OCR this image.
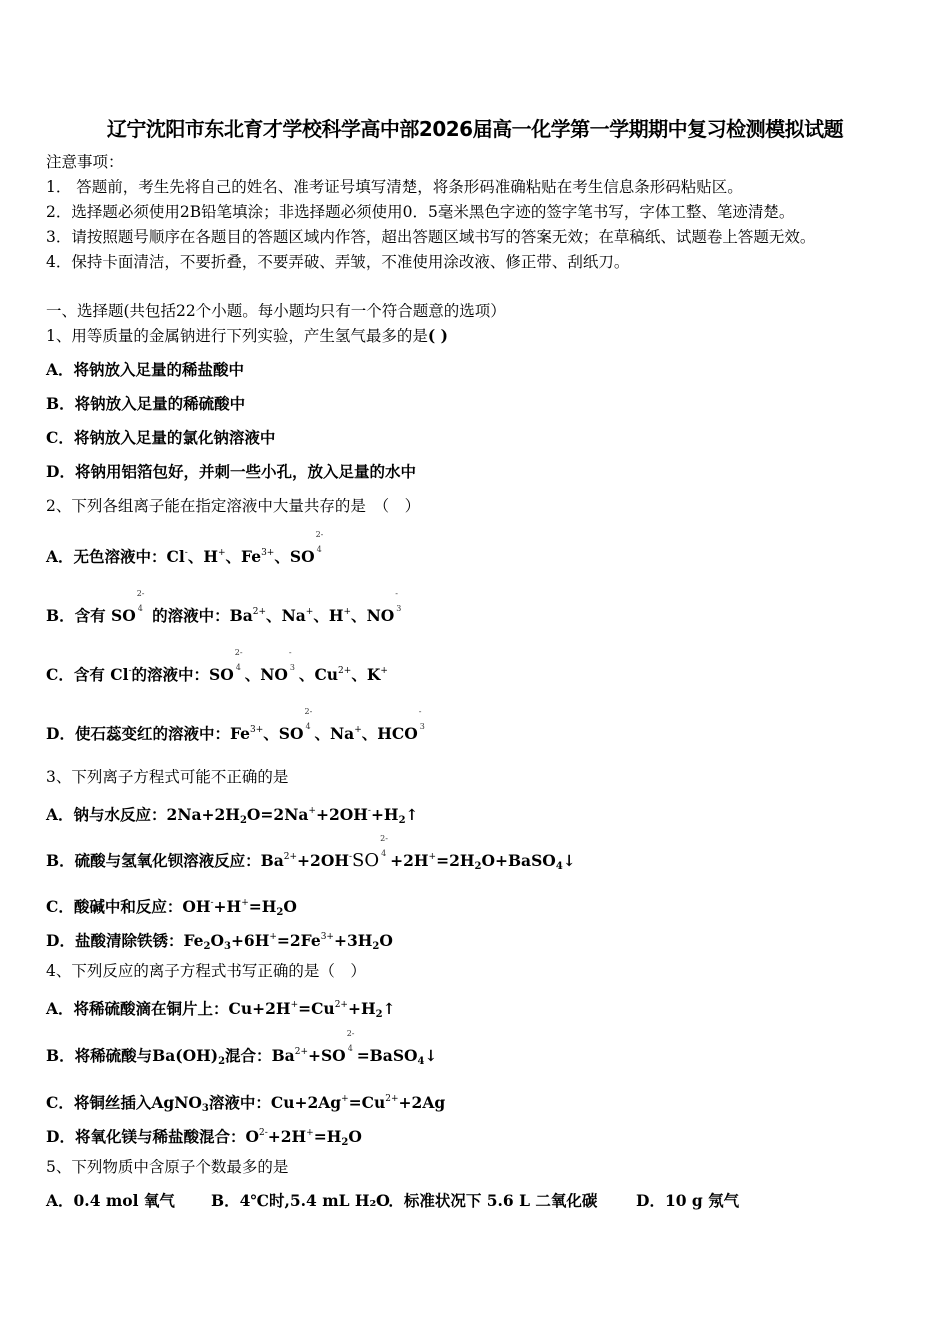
辽宁沈阳市东北育才学校科学高中部2026届高一化学第一学期期中复习检测模拟试题
注意事项：
1． 答题前，考生先将自己的姓名、准考证号填写清楚，将条形码准确粘贴在考生信息条形码粘贴区。
2．选择题必须使用2B铅笔填涂；非选择题必须使用0．5毫米黑色字迹的签字笔书写，字体工整、笔迹清楚。
3．请按照题号顺序在各题目的答题区域内作答，超出答题区域书写的答案无效；在草稿纸、试题卷上答题无效。
4．保持卡面清洁，不要折叠，不要弄破、弄皱，不准使用涂改液、修正带、刮纸刀。
一、选择题(共包括22个小题。每小题均只有一个符合题意的选项）
1、用等质量的金属钠进行下列实验，产生氢气最多的是( )
A．将钠放入足量的稀盐酸中
B．将钠放入足量的稀硫酸中
C．将钠放入足量的氯化钠溶液中
D．将钠用铝箔包好，并刺一些小孔，放入足量的水中
2、下列各组离子能在指定溶液中大量共存的是　（　）
A．无色溶液中：Cl-、H+、$Fe^{3+}$、SO
2-
4
B．含有 SO
2-
4 的溶液中：$Ba^{2+}$、Na+、H+、NO
-
3
C．含有 Cl-的溶液中：SO
2-
4 、NO
-
3 、$Cu^{2+}$、K+
D．使石蕊变红的溶液中：$Fe^{3+}$、SO
2-
4 、Na+、HCO
-
3
3、下列离子方程式可能不正确的是
A．钠与水反应：$2Na+2H_2O=2Na^++2OH^-+H_2↑$
B．硫酸与氢氧化钡溶液反应：$Ba^{2+}+2OH^-SO$
2-
$4 +2H^+=2H_2O+BaSO_4↓$
C．酸碱中和反应：$OH^-+H^+=H_2O$
D．盐酸清除铁锈：$Fe_2O_3+6H^+=2Fe^{3+}+3H_2O$
4、下列反应的离子方程式书写正确的是（　）
A．将稀硫酸滴在铜片上：$Cu+2H^+=Cu^{2+}+H_2↑$
B．将稀硫酸与$Ba(OH)_2$混合：$Ba^{2+}+SO$
2-
4 =BaSO$_4$↓
C．将铜丝插入AgNO$_3$溶液中：$Cu+2Ag^+=Cu^{2+}+2Ag$
D．将氧化镁与稀盐酸混合：$O^{2-}+2H^+=H_2O$
5、下列物质中含原子个数最多的是
A．0.4 mol 氧气 B．4℃时,5.4 mL H₂OC．标准状况下 5.6 L 二氧化碳 D．10 g 氖气
